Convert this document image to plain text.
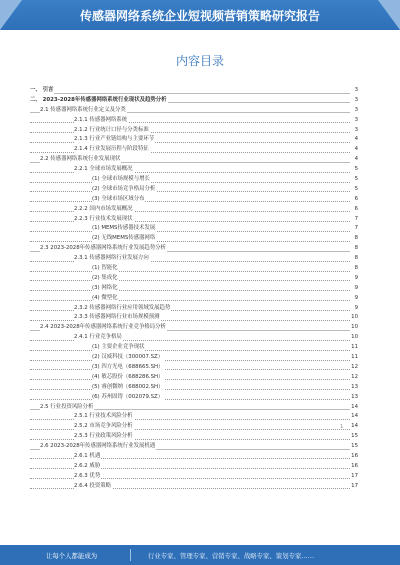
传感器网络系统企业短视频营销策略研究报告
内容目录
一、 引言	3
二、 2023-2028年传感器网络系统行业现状及趋势分析	3
2.1 传感器网络系统行业定义及分类	3
2.1.1 传感器网络系统	3
2.1.2 行业统计口径与分类标准	3
2.1.3 行业产业链结构与主要环节	4
2.1.4 行业发展历程与阶段特征	4
2.2 传感器网络系统行业发展现状	4
2.2.1 全球市场发展概况	5
(1) 全球市场规模与增长	5
(2) 全球市场竞争格局分析	5
(3) 全球市场区域分布	6
2.2.2 国内市场发展概况	6
2.2.3 行业技术发展现状	7
(1) MEMS传感器技术发展	7
(2) 无线MEMS传感器网络	8
2.3 2023-2028年传感器网络系统行业发展趋势分析	8
2.3.1 传感器网络行业发展方向	8
(1) 智能化	8
(2) 集成化	9
(3) 网络化	9
(4) 微型化	9
2.3.2 传感器网络行业应用领域发展趋势	9
2.3.3 传感器网络行业市场规模预测	10
2.4 2023-2028年传感器网络系统行业竞争格局分析	10
2.4.1 行业竞争格局	10
(1) 主要企业竞争现状	11
(2) 汉威科技（300007.SZ）	11
(3) 四方光电（688665.SH）	12
(4) 敏芯股份（688286.SH）	12
(5) 睿创微纳（688002.SH）	13
(6) 苏州固锝（002079.SZ）	13
2.5 行业投资风险分析	14
2.5.1 行业技术风险分析	14
2.5.2 市场竞争风险分析	14
2.5.3 行业政策风险分析	15
2.6 2023-2028年传感器网络系统行业发展机遇	15
2.6.1 机遇	16
2.6.2 威胁	16
2.6.3 优势	17
2.6.4 投资策略	17
1
让每个人都能成为	行业专家、管理专家、营销专家、战略专家、策划专家……
